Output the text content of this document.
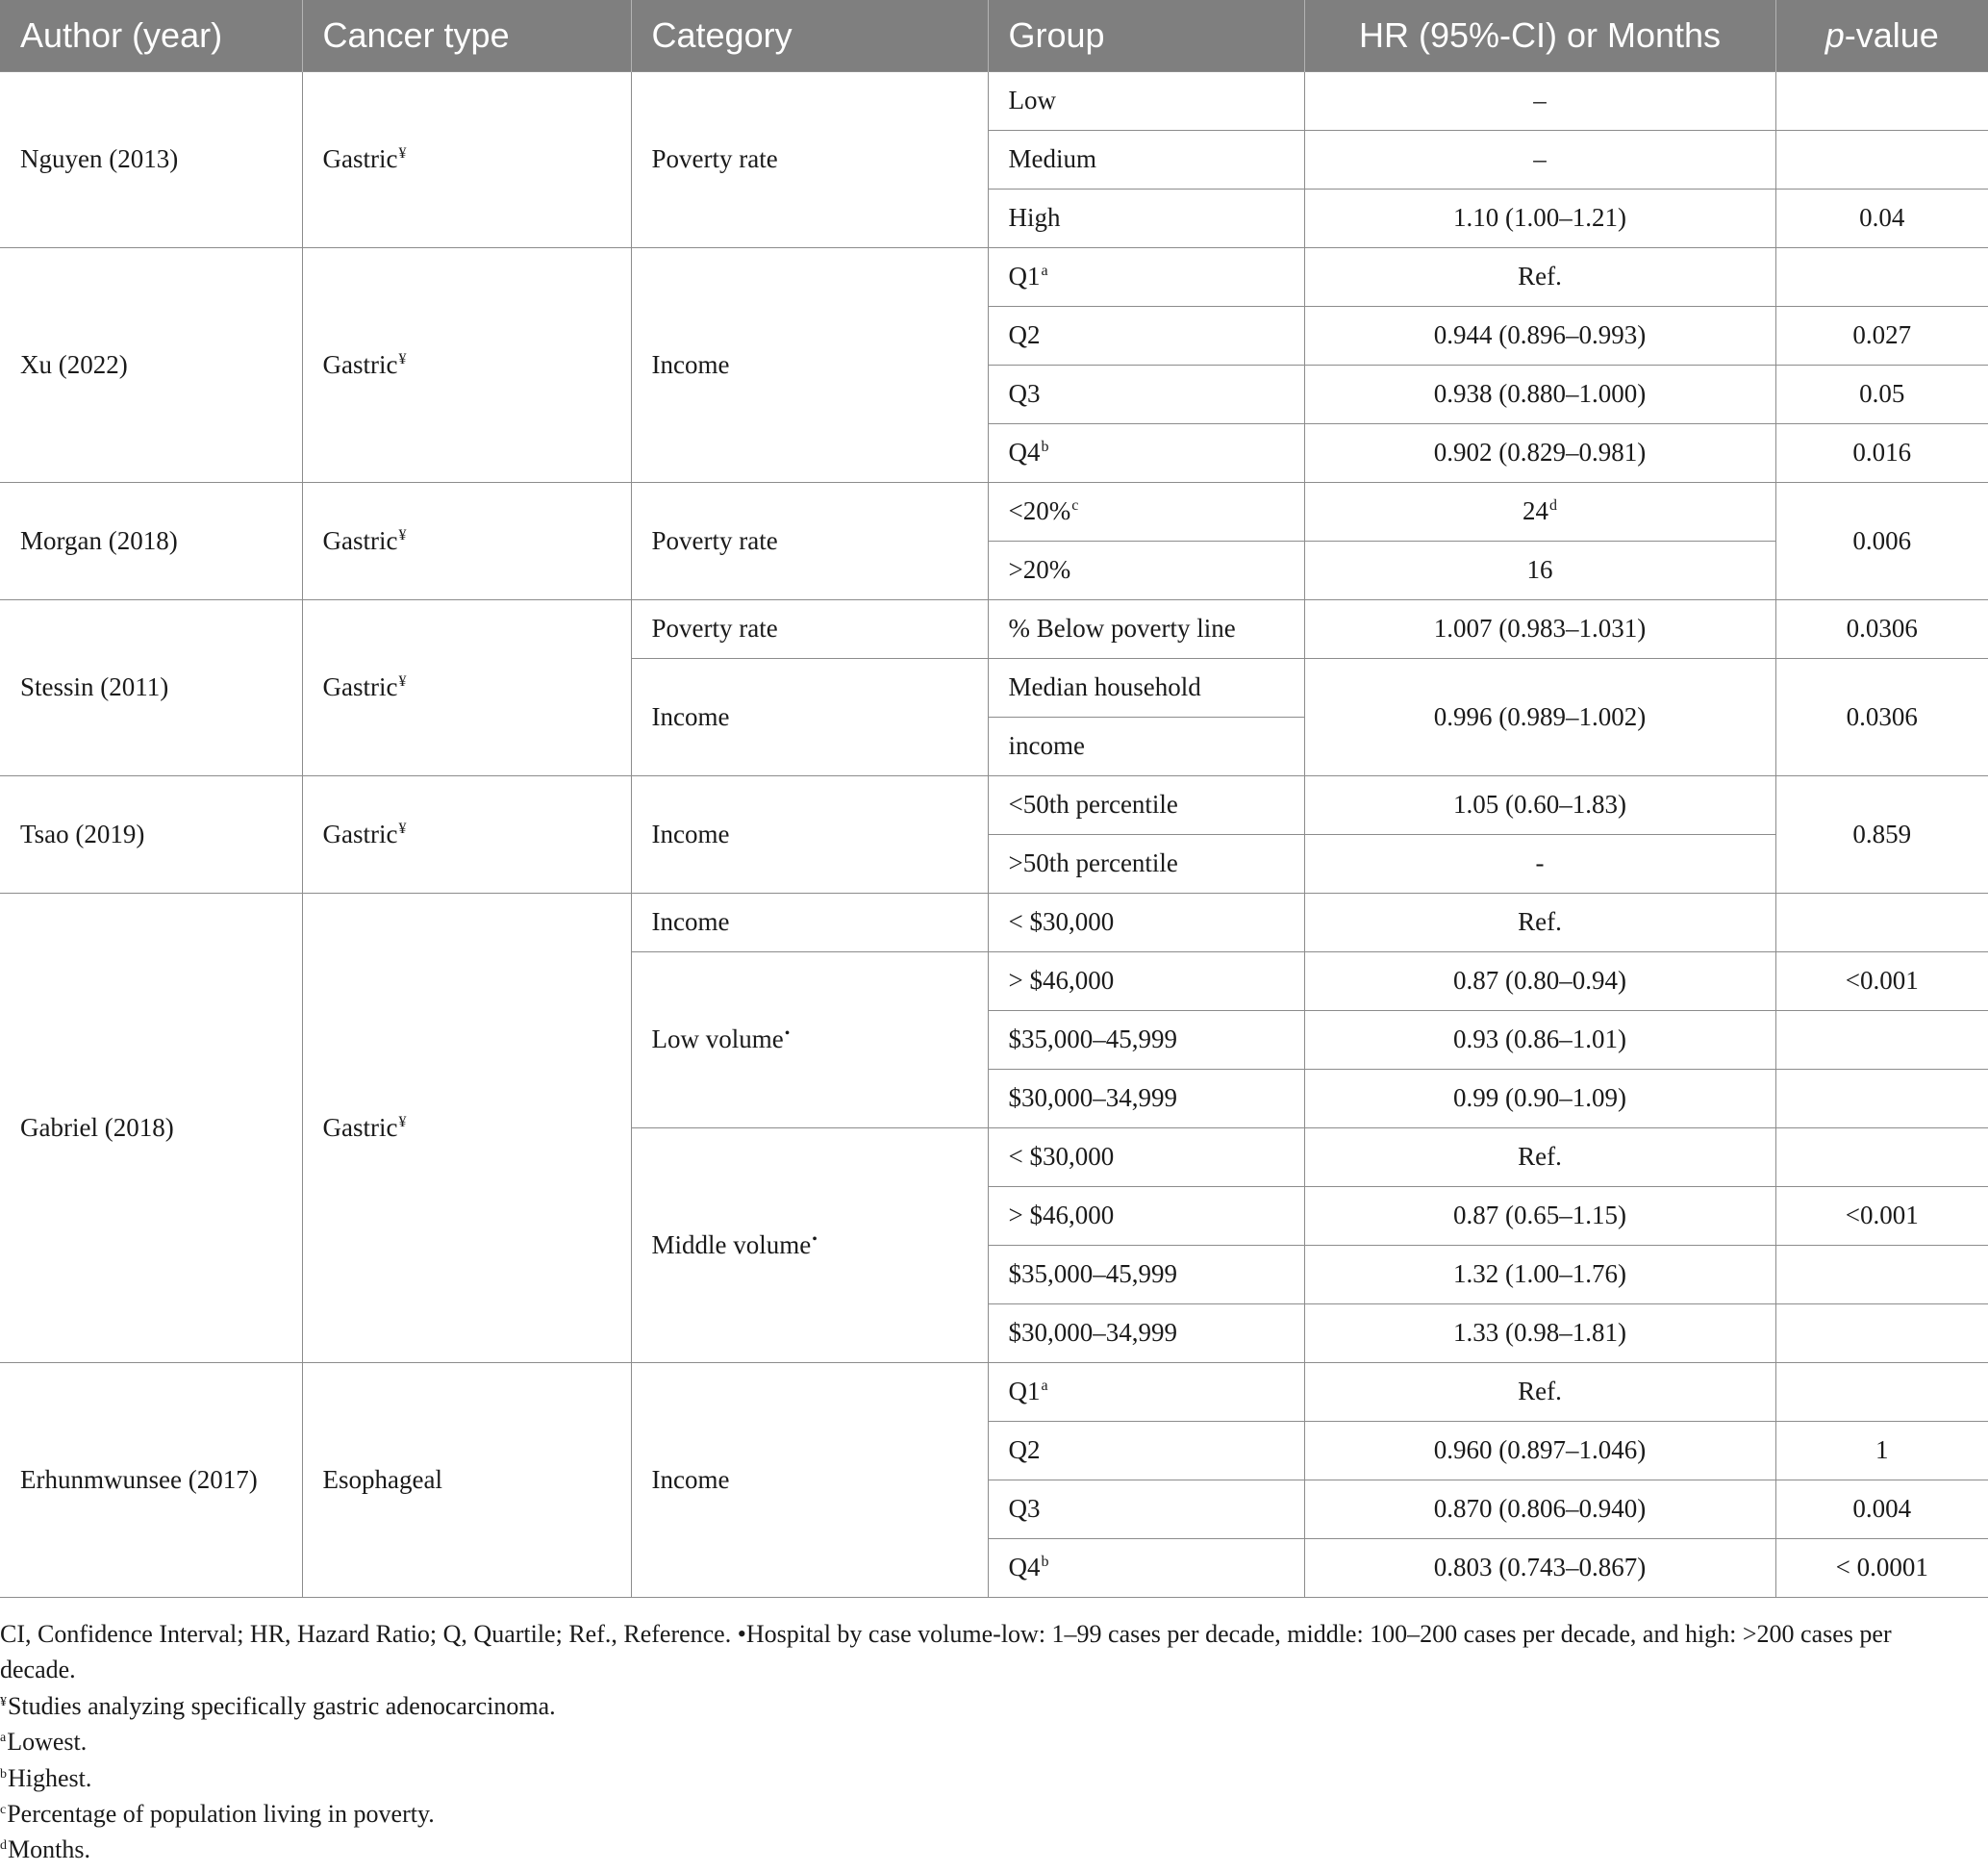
Author (year)	Cancer type	Category	Group	HR (95%-CI) or Months	p-value
Nguyen (2013)	Gastric¥	Poverty rate	Low	–	
			Medium	–	
			High	1.10 (1.00–1.21)	0.04
Xu (2022)	Gastric¥	Income	Q1$^a$	Ref.	
			Q2	0.944 (0.896–0.993)	0.027
			Q3	0.938 (0.880–1.000)	0.05
			Q4$^b$	0.902 (0.829–0.981)	0.016
Morgan (2018)	Gastric¥	Poverty rate	<20%$^c$	24$^d$	0.006
			>20%	16	
Stessin (2011)	Gastric¥	Poverty rate	% Below poverty line	1.007 (0.983–1.031)	0.0306
		Income	Median household	0.996 (0.989–1.002)	0.0306
			income		
Tsao (2019)	Gastric¥	Income	<50th percentile	1.05 (0.60–1.83)	0.859
			>50th percentile	-	
Gabriel (2018)	Gastric¥	Income	< $30,000	Ref.	
		Low volume•	> $46,000	0.87 (0.80–0.94)	<0.001
			$35,000–45,999	0.93 (0.86–1.01)	
			$30,000–34,999	0.99 (0.90–1.09)	
		Middle volume•	< $30,000	Ref.	
			> $46,000	0.87 (0.65–1.15)	<0.001
			$35,000–45,999	1.32 (1.00–1.76)	
			$30,000–34,999	1.33 (0.98–1.81)	
Erhunmwunsee (2017)	Esophageal	Income	Q1$^a$	Ref.	
			Q2	0.960 (0.897–1.046)	1
			Q3	0.870 (0.806–0.940)	0.004
			Q4$^b$	0.803 (0.743–0.867)	< 0.0001

CI, Confidence Interval; HR, Hazard Ratio; Q, Quartile; Ref., Reference. •Hospital by case volume-low: 1–99 cases per decade, middle: 100–200 cases per decade, and high: >200 cases per decade.

¥Studies analyzing specifically gastric adenocarcinoma.

$^a$Lowest.

$^b$Highest.

$^c$Percentage of population living in poverty.

$^d$Months.
